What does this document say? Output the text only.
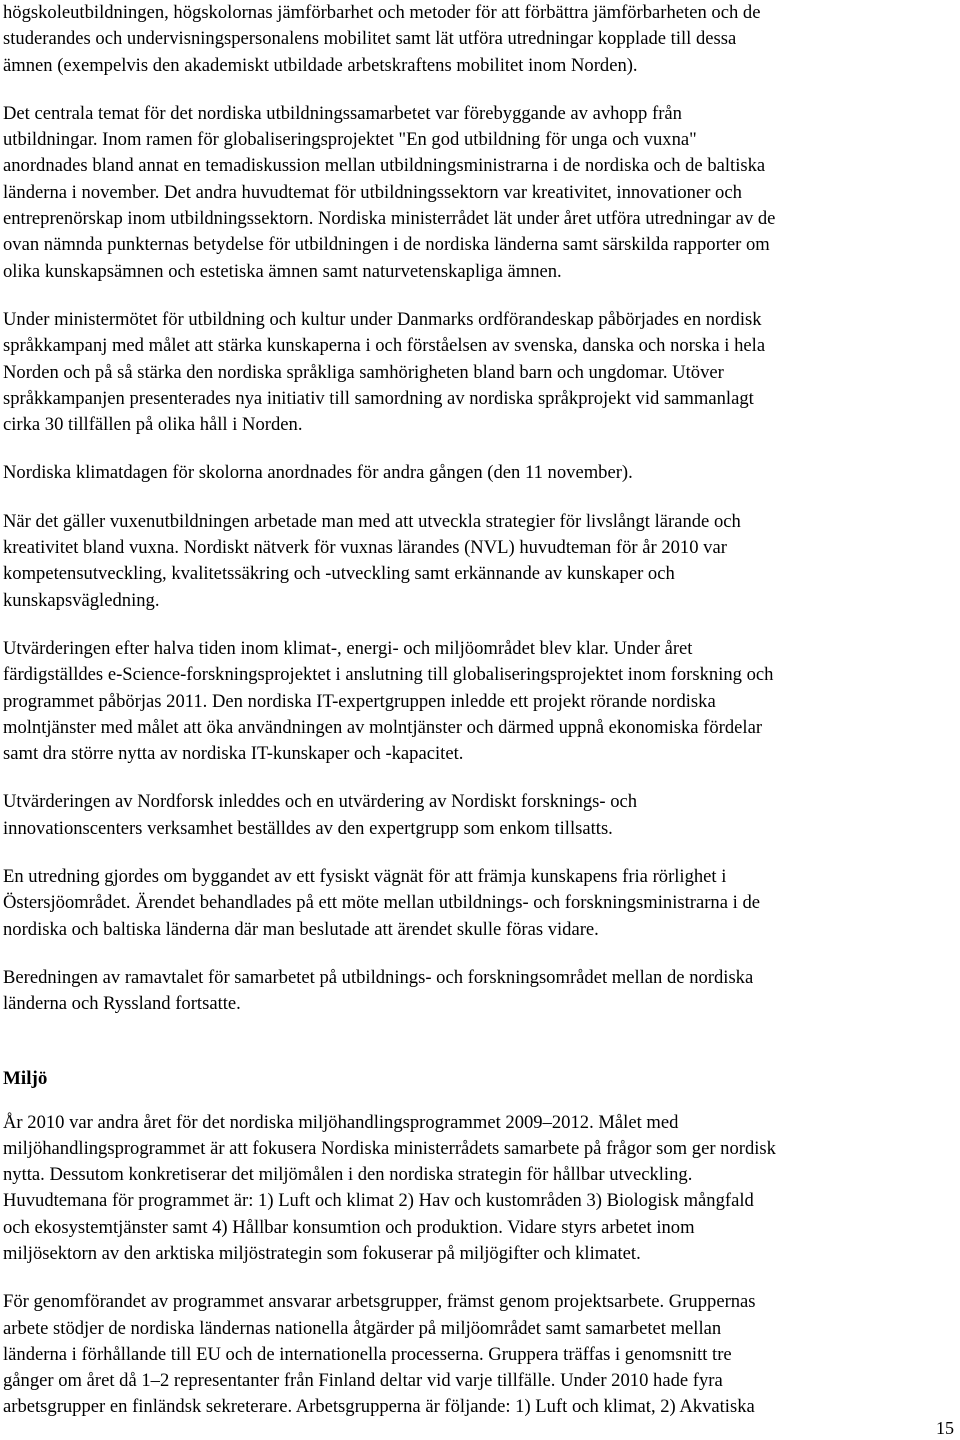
högskoleutbildningen, högskolornas jämförbarhet och metoder för att förbättra jämförbarheten och de
studerandes och undervisningspersonalens mobilitet samt lät utföra utredningar kopplade till dessa
ämnen (exempelvis den akademiskt utbildade arbetskraftens mobilitet inom Norden).

Det centrala temat för det nordiska utbildningssamarbetet var förebyggande av avhopp från
utbildningar. Inom ramen för globaliseringsprojektet "En god utbildning för unga och vuxna"
anordnades bland annat en temadiskussion mellan utbildningsministrarna i de nordiska och de baltiska
länderna i november. Det andra huvudtemat för utbildningssektorn var kreativitet, innovationer och
entreprenörskap inom utbildningssektorn. Nordiska ministerrådet lät under året utföra utredningar av de
ovan nämnda punkternas betydelse för utbildningen i de nordiska länderna samt särskilda rapporter om
olika kunskapsämnen och estetiska ämnen samt naturvetenskapliga ämnen.

Under ministermötet för utbildning och kultur under Danmarks ordförandeskap påbörjades en nordisk
språkkampanj med målet att stärka kunskaperna i och förståelsen av svenska, danska och norska i hela
Norden och på så stärka den nordiska språkliga samhörigheten bland barn och ungdomar. Utöver
språkkampanjen presenterades nya initiativ till samordning av nordiska språkprojekt vid sammanlagt
cirka 30 tillfällen på olika håll i Norden.

Nordiska klimatdagen för skolorna anordnades för andra gången (den 11 november).

När det gäller vuxenutbildningen arbetade man med att utveckla strategier för livslångt lärande och
kreativitet bland vuxna. Nordiskt nätverk för vuxnas lärandes (NVL) huvudteman för år 2010 var
kompetensutveckling, kvalitetssäkring och -utveckling samt erkännande av kunskaper och
kunskapsvägledning.

Utvärderingen efter halva tiden inom klimat-, energi- och miljöområdet blev klar. Under året
färdigställdes e-Science-forskningsprojektet i anslutning till globaliseringsprojektet inom forskning och
programmet påbörjas 2011. Den nordiska IT-expertgruppen inledde ett projekt rörande nordiska
molntjänster med målet att öka användningen av molntjänster och därmed uppnå ekonomiska fördelar
samt dra större nytta av nordiska IT-kunskaper och -kapacitet.

Utvärderingen av Nordforsk inleddes och en utvärdering av Nordiskt forsknings- och
innovationscenters verksamhet beställdes av den expertgrupp som enkom tillsatts.

En utredning gjordes om byggandet av ett fysiskt vägnät för att främja kunskapens fria rörlighet i
Östersjöområdet. Ärendet behandlades på ett möte mellan utbildnings- och forskningsministrarna i de
nordiska och baltiska länderna där man beslutade att ärendet skulle föras vidare.

Beredningen av ramavtalet för samarbetet på utbildnings- och forskningsområdet mellan de nordiska
länderna och Ryssland fortsatte.

Miljö

År 2010 var andra året för det nordiska miljöhandlingsprogrammet 2009–2012. Målet med
miljöhandlingsprogrammet är att fokusera Nordiska ministerrådets samarbete på frågor som ger nordisk
nytta. Dessutom konkretiserar det miljömålen i den nordiska strategin för hållbar utveckling.
Huvudtemana för programmet är: 1) Luft och klimat 2) Hav och kustområden 3) Biologisk mångfald
och ekosystemtjänster samt 4) Hållbar konsumtion och produktion. Vidare styrs arbetet inom
miljösektorn av den arktiska miljöstrategin som fokuserar på miljögifter och klimatet.

För genomförandet av programmet ansvarar arbetsgrupper, främst genom projektsarbete. Gruppernas
arbete stödjer de nordiska ländernas nationella åtgärder på miljöområdet samt samarbetet mellan
länderna i förhållande till EU och de internationella processerna. Gruppera träffas i genomsnitt tre
gånger om året då 1–2 representanter från Finland deltar vid varje tillfälle. Under 2010 hade fyra
arbetsgrupper en finländsk sekreterare. Arbetsgrupperna är följande: 1) Luft och klimat, 2) Akvatiska

15
